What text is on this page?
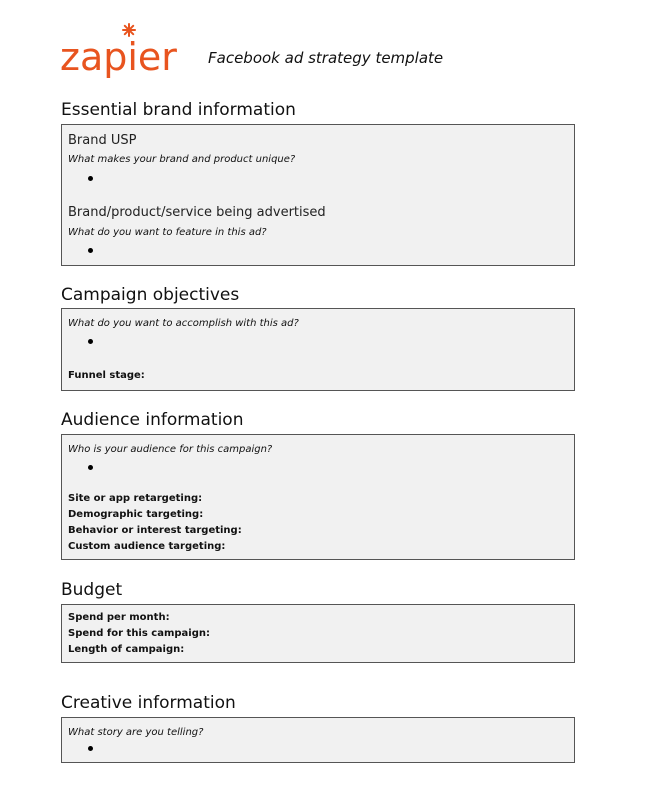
zapier Facebook ad strategy template
Essential brand information
Brand USP
What makes your brand and product unique?
Brand/product/service being advertised
What do you want to feature in this ad?
Campaign objectives
What do you want to accomplish with this ad?
Funnel stage:
Audience information
Who is your audience for this campaign?
Site or app retargeting:
Demographic targeting:
Behavior or interest targeting:
Custom audience targeting:
Budget
Spend per month:
Spend for this campaign:
Length of campaign:
Creative information
What story are you telling?
